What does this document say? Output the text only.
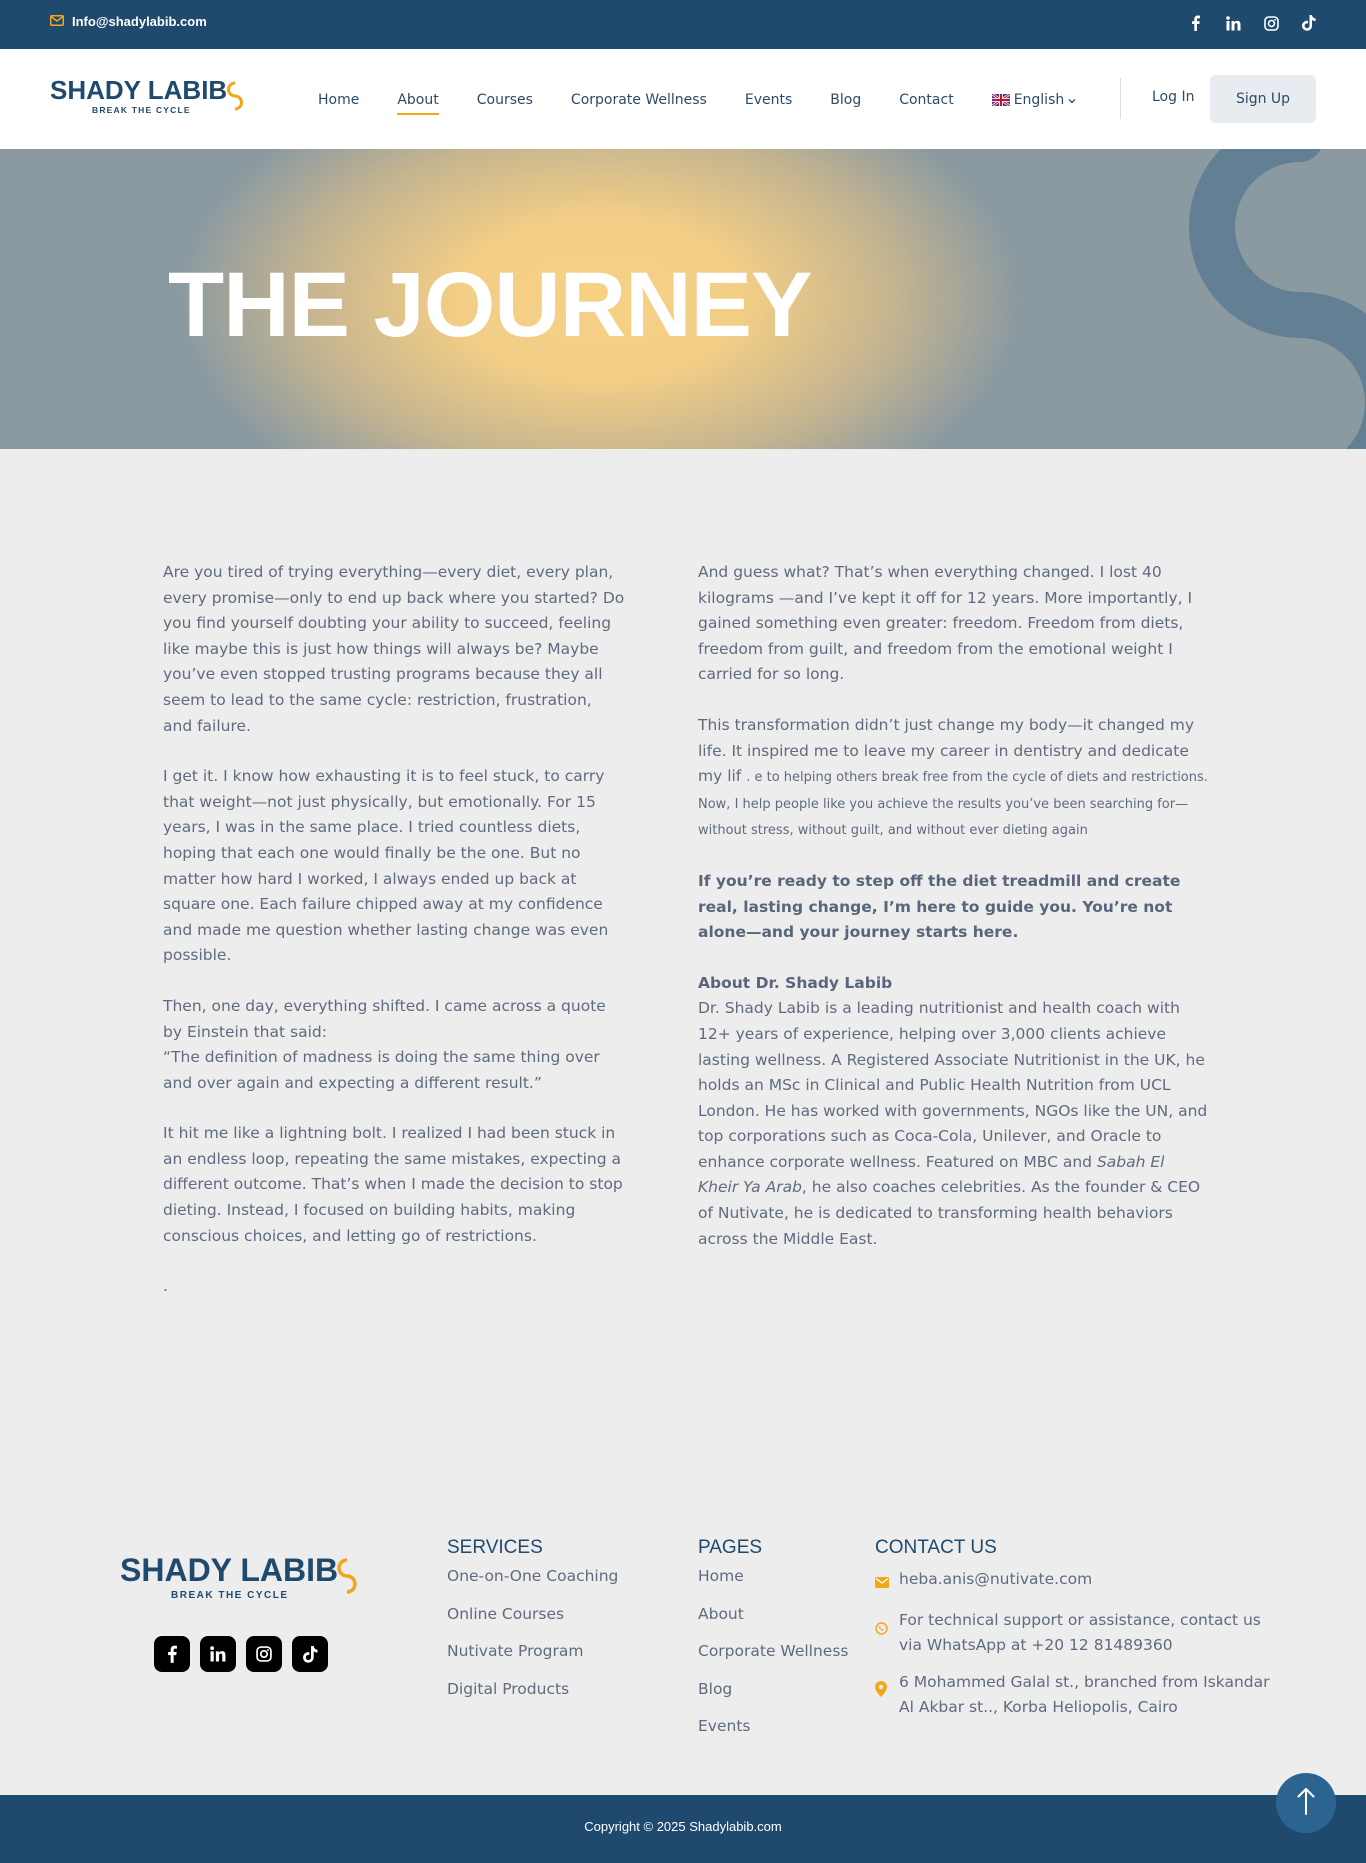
Info@shadylabib.com
SHADY LABIB
BREAK THE CYCLE
Home	About	Courses	Corporate Wellness	Events	Blog	Contact	English	Log In	Sign Up
THE JOURNEY

Are you tired of trying everything—every diet, every plan, every promise—only to end up back where you started? Do you find yourself doubting your ability to succeed, feeling like maybe this is just how things will always be? Maybe you’ve even stopped trusting programs because they all seem to lead to the same cycle: restriction, frustration, and failure.

I get it. I know how exhausting it is to feel stuck, to carry that weight—not just physically, but emotionally. For 15 years, I was in the same place. I tried countless diets, hoping that each one would finally be the one. But no matter how hard I worked, I always ended up back at square one. Each failure chipped away at my confidence and made me question whether lasting change was even possible.

Then, one day, everything shifted. I came across a quote by Einstein that said:

“The definition of madness is doing the same thing over and over again and expecting a different result.”

It hit me like a lightning bolt. I realized I had been stuck in an endless loop, repeating the same mistakes, expecting a different outcome. That’s when I made the decision to stop dieting. Instead, I focused on building habits, making conscious choices, and letting go of restrictions.

.

And guess what? That’s when everything changed. I lost 40 kilograms —and I’ve kept it off for 12 years. More importantly, I gained something even greater: freedom. Freedom from diets, freedom from guilt, and freedom from the emotional weight I carried for so long.

This transformation didn’t just change my body—it changed my life. It inspired me to leave my career in dentistry and dedicate my lif . e to helping others break free from the cycle of diets and restrictions. Now, I help people like you achieve the results you’ve been searching for—without stress, without guilt, and without ever dieting again

If you’re ready to step off the diet treadmill and create real, lasting change, I’m here to guide you. You’re not alone—and your journey starts here.

About Dr. Shady Labib

Dr. Shady Labib is a leading nutritionist and health coach with 12+ years of experience, helping over 3,000 clients achieve lasting wellness. A Registered Associate Nutritionist in the UK, he holds an MSc in Clinical and Public Health Nutrition from UCL London. He has worked with governments, NGOs like the UN, and top corporations such as Coca-Cola, Unilever, and Oracle to enhance corporate wellness. Featured on MBC and Sabah El Kheir Ya Arab, he also coaches celebrities. As the founder & CEO of Nutivate, he is dedicated to transforming health behaviors across the Middle East.

SHADY LABIB
BREAK THE CYCLE
SERVICES
One-on-One Coaching
Online Courses
Nutivate Program
Digital Products
PAGES
Home
About
Corporate Wellness
Blog
Events
CONTACT US
heba.anis@nutivate.com
For technical support or assistance, contact us via WhatsApp at +20 12 81489360
6 Mohammed Galal st., branched from Iskandar Al Akbar st.., Korba Heliopolis, Cairo
Copyright © 2025 Shadylabib.com
